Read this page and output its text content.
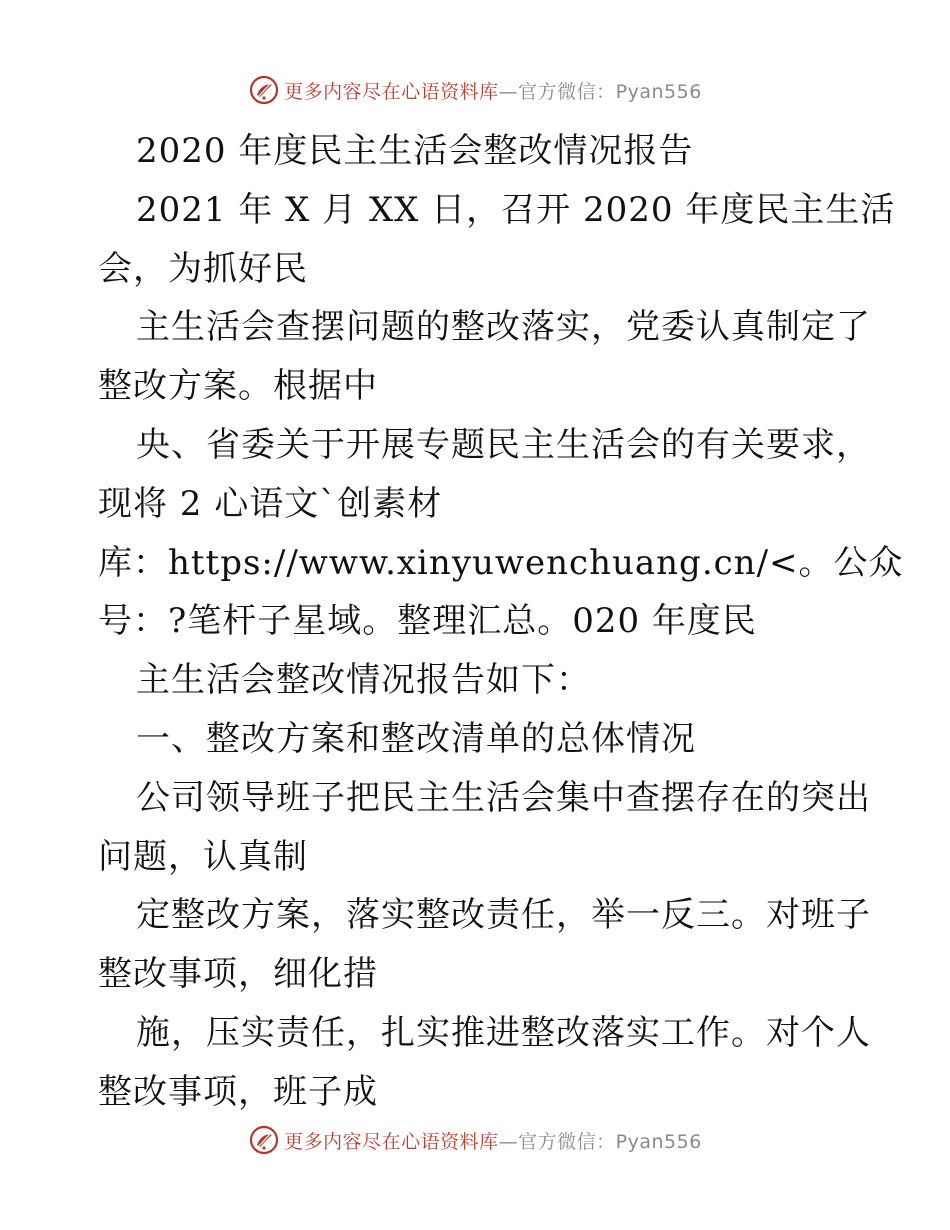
更多内容尽在心语资料库—官方微信：Pyan556
2020 年度民主生活会整改情况报告
2021 年 X 月 XX 日，召开 2020 年度民主生活
会，为抓好民
主生活会查摆问题的整改落实，党委认真制定了
整改方案。根据中
央、省委关于开展专题民主生活会的有关要求，
现将 2 心语文`创素材
库：https://www.xinyuwenchuang.cn/<。公众
号：?笔杆子星域。整理汇总。020 年度民
主生活会整改情况报告如下：
一、整改方案和整改清单的总体情况
公司领导班子把民主生活会集中查摆存在的突出
问题，认真制
定整改方案，落实整改责任，举一反三。对班子
整改事项，细化措
施，压实责任，扎实推进整改落实工作。对个人
整改事项，班子成
更多内容尽在心语资料库—官方微信：Pyan556
